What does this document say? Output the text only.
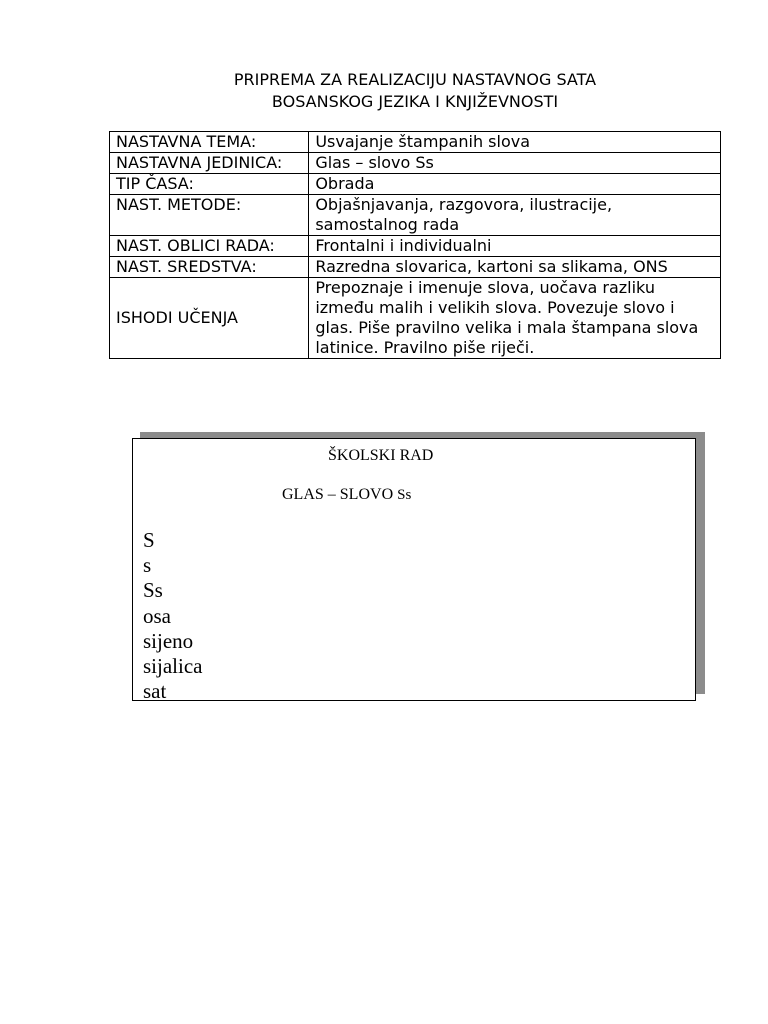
PRIPREMA ZA REALIZACIJU NASTAVNOG SATA
BOSANSKOG JEZIKA I KNJIŽEVNOSTI
NASTAVNA TEMA:	Usvajanje štampanih slova
NASTAVNA JEDINICA:	Glas – slovo Ss
TIP ČASA:	Obrada
NAST. METODE:	Objašnjavanja, razgovora, ilustracije, samostalnog rada
NAST. OBLICI RADA:	Frontalni i individualni
NAST. SREDSTVA:	Razredna slovarica, kartoni sa slikama, ONS
ISHODI UČENJA	Prepoznaje i imenuje slova, uočava razliku između malih i velikih slova. Povezuje slovo i glas. Piše pravilno velika i mala štampana slova latinice. Pravilno piše riječi.
ŠKOLSKI RAD
GLAS – SLOVO Ss
S
s
Ss
osa
sijeno
sijalica
sat
